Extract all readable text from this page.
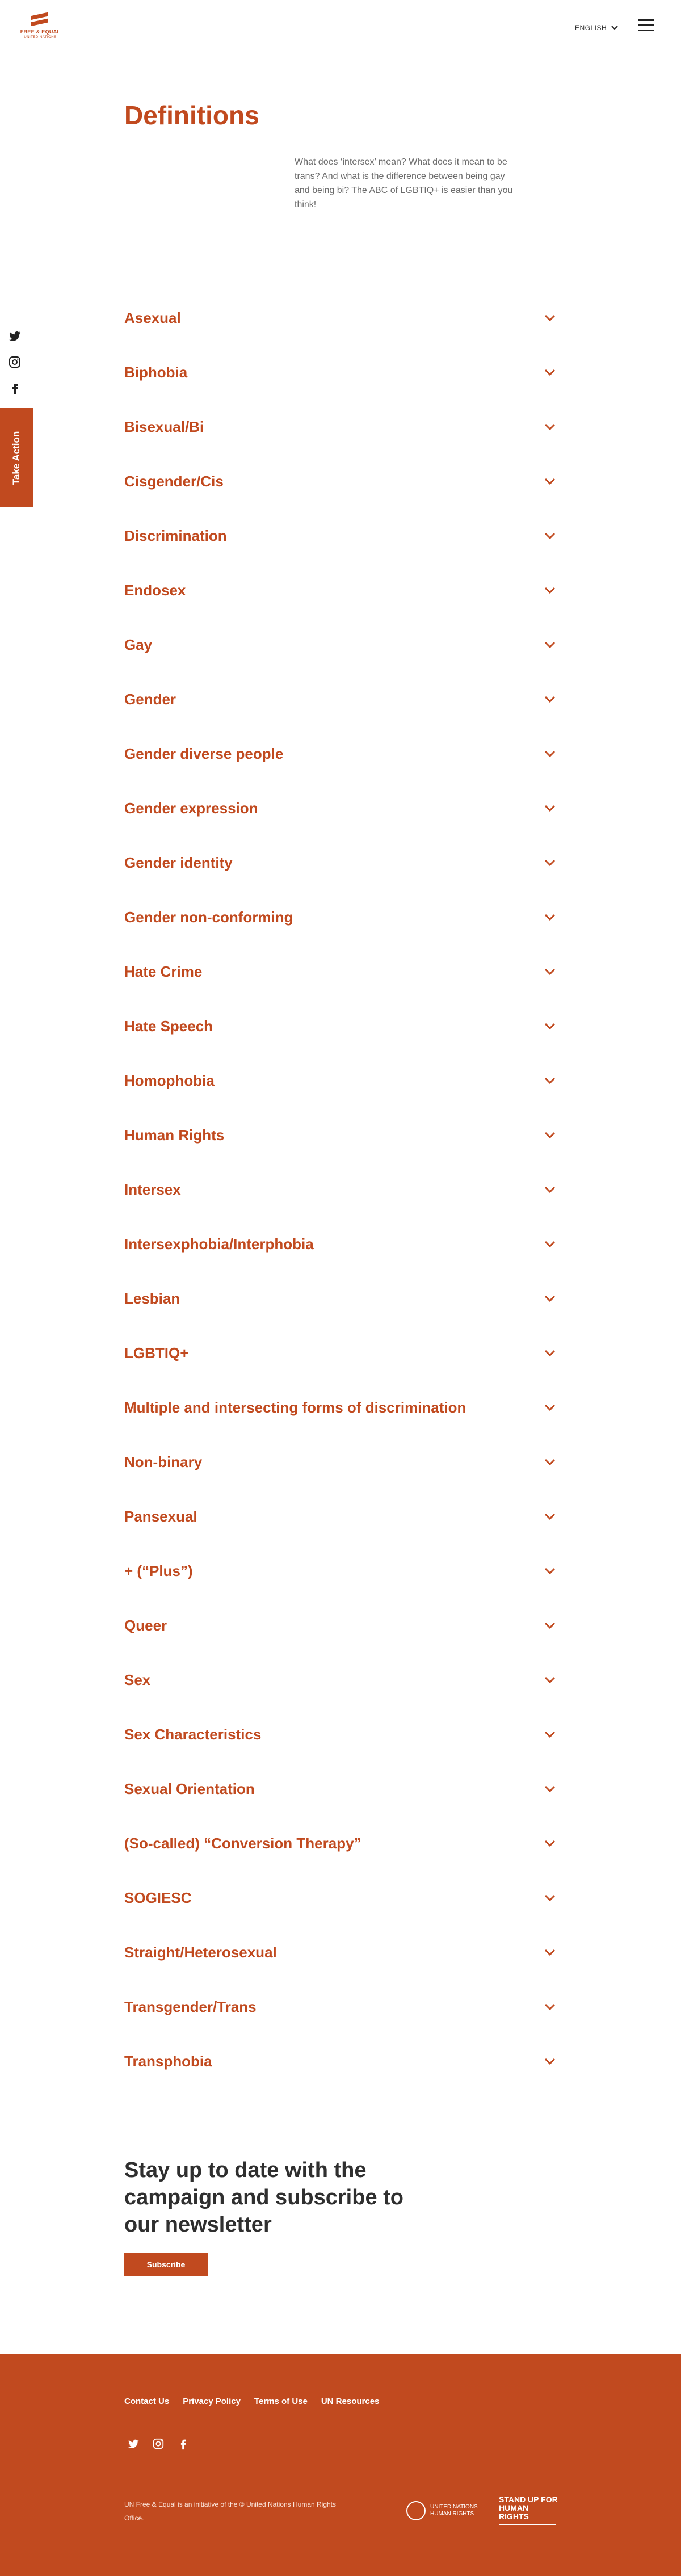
FREE & EQUAL
UNITED NATIONS
ENGLISH
Definitions

What does ‘intersex’ mean? What does it mean to be trans? And what is the difference between being gay and being bi? The ABC of LGBTIQ+ is easier than you think!

Take Action
Asexual
Biphobia
Bisexual/Bi
Cisgender/Cis
Discrimination
Endosex
Gay
Gender
Gender diverse people
Gender expression
Gender identity
Gender non-conforming
Hate Crime
Hate Speech
Homophobia
Human Rights
Intersex
Intersexphobia/Interphobia
Lesbian
LGBTIQ+
Multiple and intersecting forms of discrimination
Non-binary
Pansexual
+ (“Plus”)
Queer
Sex
Sex Characteristics
Sexual Orientation
(So-called) “Conversion Therapy”
SOGIESC
Straight/Heterosexual
Transgender/Trans
Transphobia
Stay up to date with the campaign and subscribe to our newsletter
Subscribe
Contact Us Privacy Policy Terms of Use UN Resources

UN Free & Equal is an initiative of the © United Nations Human Rights Office.

UNITED NATIONS
HUMAN RIGHTS
STAND UP FOR HUMAN RIGHTS
